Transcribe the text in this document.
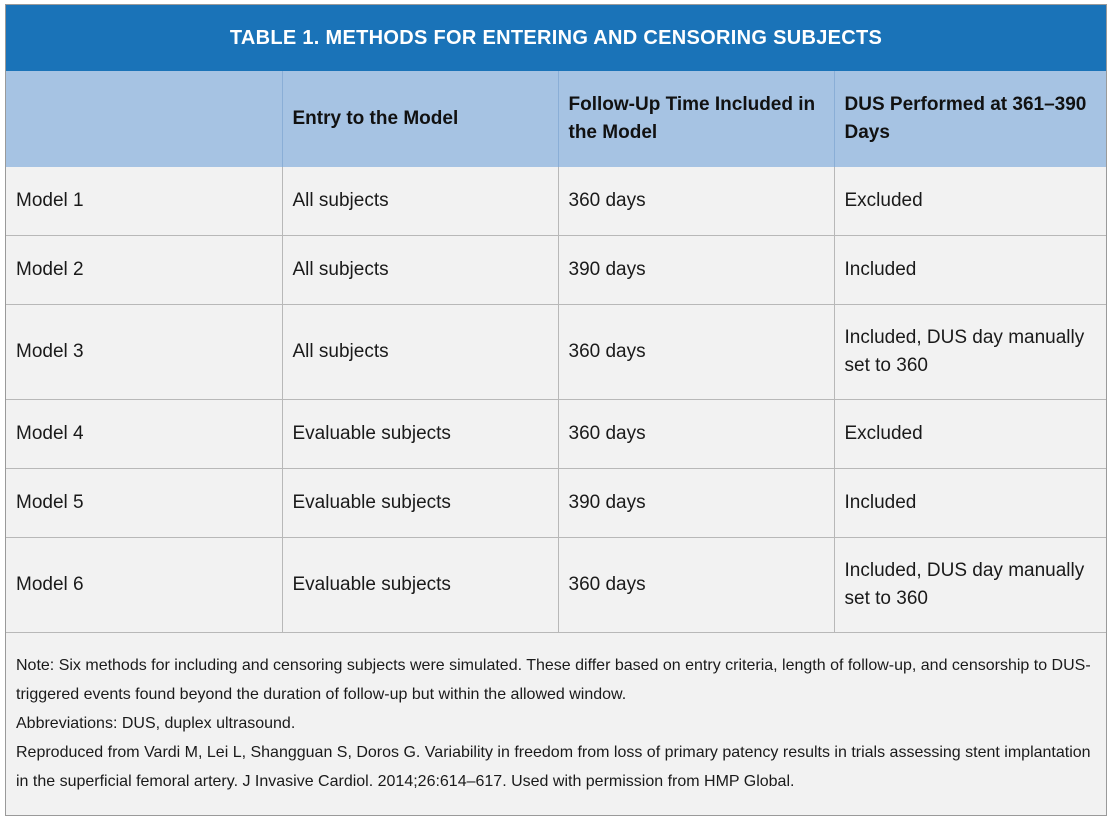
TABLE 1. METHODS FOR ENTERING AND CENSORING SUBJECTS
	Entry to the Model	Follow-Up Time Included in the Model	DUS Performed at 361–390 Days
Model 1	All subjects	360 days	Excluded
Model 2	All subjects	390 days	Included
Model 3	All subjects	360 days	Included, DUS day manually set to 360
Model 4	Evaluable subjects	360 days	Excluded
Model 5	Evaluable subjects	390 days	Included
Model 6	Evaluable subjects	360 days	Included, DUS day manually set to 360

Note: Six methods for including and censoring subjects were simulated. These differ based on entry criteria, length of follow-up, and censorship to DUS-triggered events found beyond the duration of follow-up but within the allowed window.

Abbreviations: DUS, duplex ultrasound.

Reproduced from Vardi M, Lei L, Shangguan S, Doros G. Variability in freedom from loss of primary patency results in trials assessing stent implantation in the superficial femoral artery. J Invasive Cardiol. 2014;26:614–617. Used with permission from HMP Global.
